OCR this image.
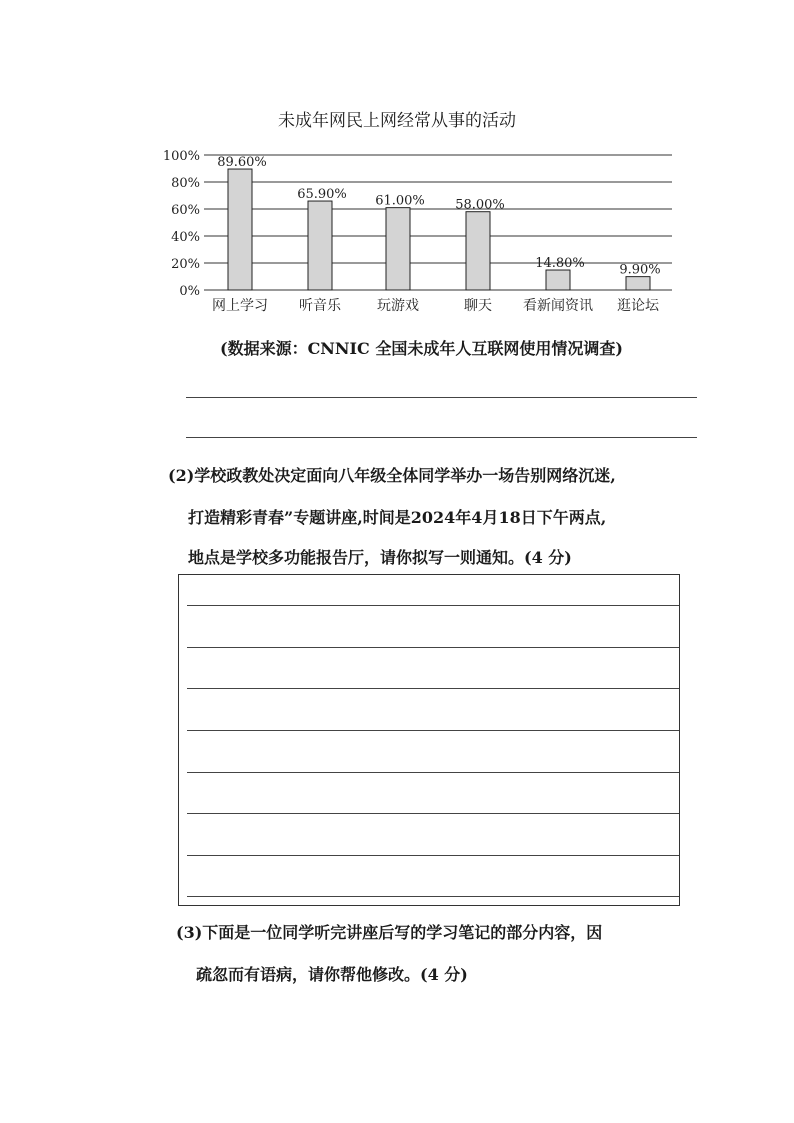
未成年网民上网经常从事的活动
0%
20%
40%
60%
80%
100% 89.60%
65.90% 61.00% 58.00%
14.80%	9.90%
网上学习 听音乐	玩游戏	聊天 看新闻资讯 逛论坛
(数据来源：CNNIC 全国未成年人互联网使用情况调查)
(2)学校政教处决定面向八年级全体同学举办一场告别网络沉迷,
打造精彩青春”专题讲座,时间是2024年4月18日下午两点,
地点是学校多功能报告厅，请你拟写一则通知。(4 分)
(3)下面是一位同学听完讲座后写的学习笔记的部分内容，因
疏忽而有语病，请你帮他修改。(4 分)
